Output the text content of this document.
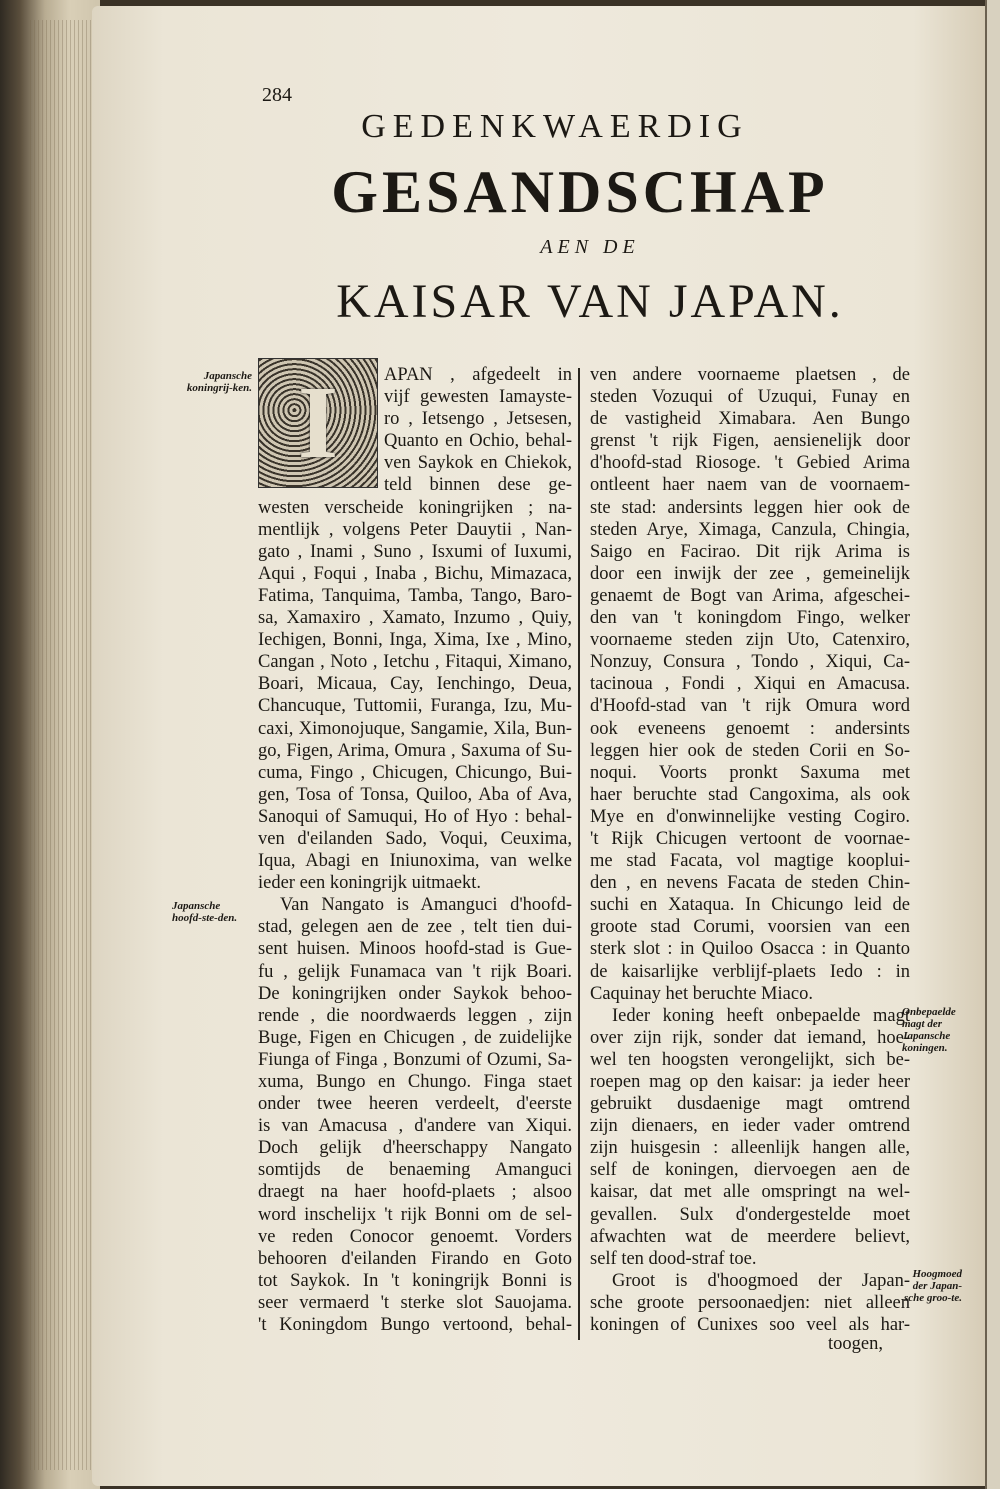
284
GEDENKWAERDIG
GESANDSCHAP
AEN DE
KAISAR VAN JAPAN.
Japansche koningrij-ken.
Japansche hoofd-ste-den.
Onbepaelde magt der Japansche koningen.
Hoogmoed der Japan-sche groo-te.
APAN , afgedeelt in
vijf gewesten Iamayste-
ro , Ietsengo , Jetsesen,
Quanto en Ochio, behal-
ven Saykok en Chiekok,
teld binnen dese ge-
westen verscheide koningrijken ; na-
mentlijk , volgens Peter Dauytii , Nan-
gato , Inami , Suno , Isxumi of Iuxumi,
Aqui , Foqui , Inaba , Bichu, Mimazaca,
Fatima, Tanquima, Tamba, Tango, Baro-
sa, Xamaxiro , Xamato, Inzumo , Quiy,
Iechigen, Bonni, Inga, Xima, Ixe , Mino,
Cangan , Noto , Ietchu , Fitaqui, Ximano,
Boari, Micaua, Cay, Ienchingo, Deua,
Chancuque, Tuttomii, Furanga, Izu, Mu-
caxi, Ximonojuque, Sangamie, Xila, Bun-
go, Figen, Arima, Omura , Saxuma of Su-
cuma, Fingo , Chicugen, Chicungo, Bui-
gen, Tosa of Tonsa, Quiloo, Aba of Ava,
Sanoqui of Samuqui, Ho of Hyo : behal-
ven d'eilanden Sado, Voqui, Ceuxima,
Iqua, Abagi en Iniunoxima, van welke
ieder een koningrijk uitmaekt.
Van Nangato is Amanguci d'hoofd-
stad, gelegen aen de zee , telt tien dui-
sent huisen. Minoos hoofd-stad is Gue-
fu , gelijk Funamaca van 't rijk Boari.
De koningrijken onder Saykok behoo-
rende , die noordwaerds leggen , zijn
Buge, Figen en Chicugen , de zuidelijke
Fiunga of Finga , Bonzumi of Ozumi, Sa-
xuma, Bungo en Chungo. Finga staet
onder twee heeren verdeelt, d'eerste
is van Amacusa , d'andere van Xiqui.
Doch gelijk d'heerschappy Nangato
somtijds de benaeming Amanguci
draegt na haer hoofd-plaets ; alsoo
word inschelijx 't rijk Bonni om de sel-
ve reden Conocor genoemt. Vorders
behooren d'eilanden Firando en Goto
tot Saykok. In 't koningrijk Bonni is
seer vermaerd 't sterke slot Sauojama.
't Koningdom Bungo vertoond, behal-
ven andere voornaeme plaetsen , de
steden Vozuqui of Uzuqui, Funay en
de vastigheid Ximabara. Aen Bungo
grenst 't rijk Figen, aensienelijk door
d'hoofd-stad Riosoge. 't Gebied Arima
ontleent haer naem van de voornaem-
ste stad: andersints leggen hier ook de
steden Arye, Ximaga, Canzula, Chingia,
Saigo en Facirao. Dit rijk Arima is
door een inwijk der zee , gemeinelijk
genaemt de Bogt van Arima, afgeschei-
den van 't koningdom Fingo, welker
voornaeme steden zijn Uto, Catenxiro,
Nonzuy, Consura , Tondo , Xiqui, Ca-
tacinoua , Fondi , Xiqui en Amacusa.
d'Hoofd-stad van 't rijk Omura word
ook eveneens genoemt : andersints
leggen hier ook de steden Corii en So-
noqui. Voorts pronkt Saxuma met
haer beruchte stad Cangoxima, als ook
Mye en d'onwinnelijke vesting Cogiro.
't Rijk Chicugen vertoont de voornae-
me stad Facata, vol magtige kooplui-
den , en nevens Facata de steden Chin-
suchi en Xataqua. In Chicungo leid de
groote stad Corumi, voorsien van een
sterk slot : in Quiloo Osacca : in Quanto
de kaisarlijke verblijf-plaets Iedo : in
Caquinay het beruchte Miaco.
Ieder koning heeft onbepaelde magt
over zijn rijk, sonder dat iemand, hoe-
wel ten hoogsten verongelijkt, sich be-
roepen mag op den kaisar: ja ieder heer
gebruikt dusdaenige magt omtrend
zijn dienaers, en ieder vader omtrend
zijn huisgesin : alleenlijk hangen alle,
self de koningen, diervoegen aen de
kaisar, dat met alle omspringt na wel-
gevallen. Sulx d'ondergestelde moet
afwachten wat de meerdere believt,
self ten dood-straf toe.
Groot is d'hoogmoed der Japan-
sche groote persoonaedjen: niet alleen
koningen of Cunixes soo veel als har-
I
toogen,
